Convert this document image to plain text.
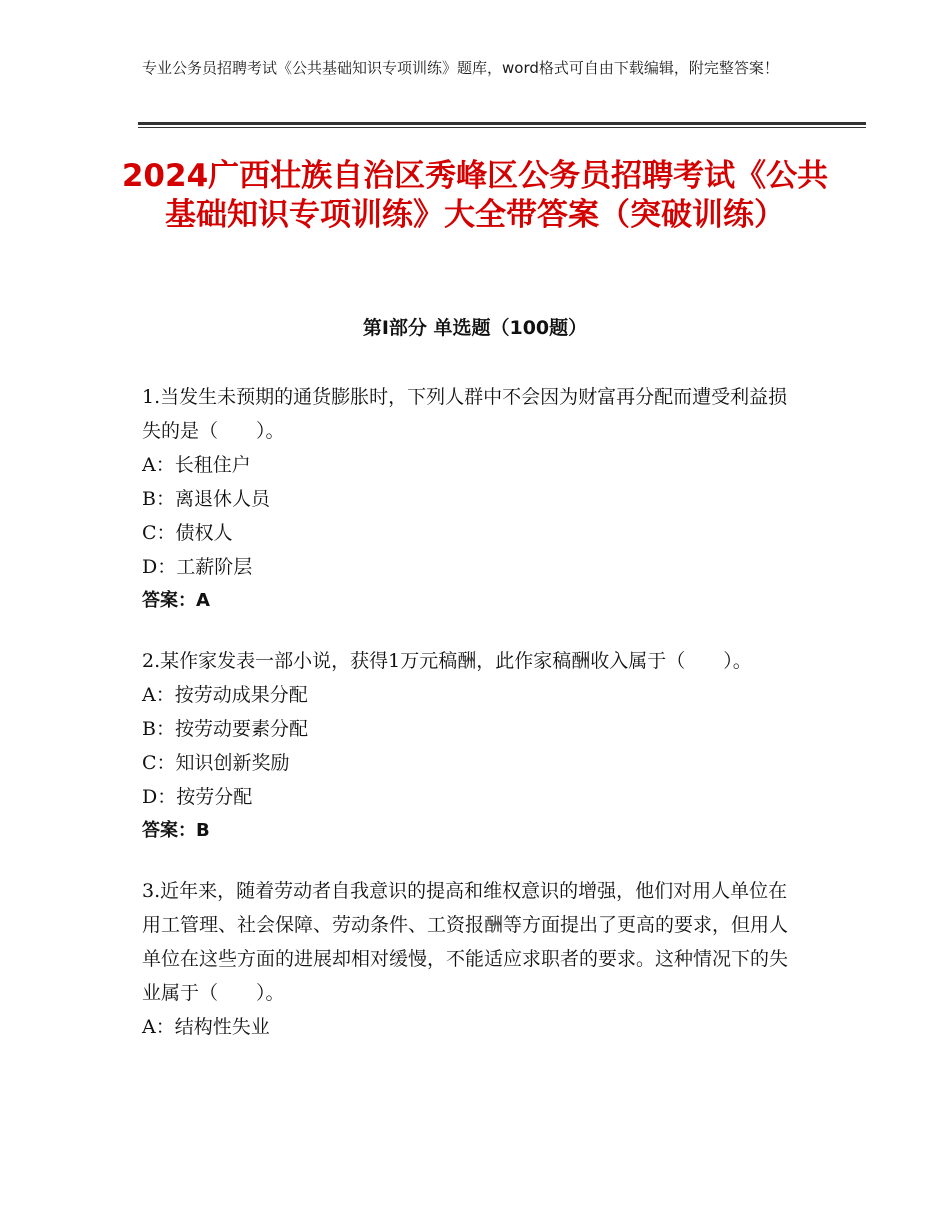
专业公务员招聘考试《公共基础知识专项训练》题库，word格式可自由下载编辑，附完整答案！
2024广西壮族自治区秀峰区公务员招聘考试《公共基础知识专项训练》大全带答案（突破训练）
第Ⅰ部分 单选题（100题）
1.当发生未预期的通货膨胀时，下列人群中不会因为财富再分配而遭受利益损失的是（　　）。
A：长租住户
B：离退休人员
C：债权人
D：工薪阶层
答案：A
2.某作家发表一部小说，获得1万元稿酬，此作家稿酬收入属于（　　）。
A：按劳动成果分配
B：按劳动要素分配
C：知识创新奖励
D：按劳分配
答案：B
3.近年来，随着劳动者自我意识的提高和维权意识的增强，他们对用人单位在用工管理、社会保障、劳动条件、工资报酬等方面提出了更高的要求，但用人单位在这些方面的进展却相对缓慢，不能适应求职者的要求。这种情况下的失业属于（　　）。
A：结构性失业
